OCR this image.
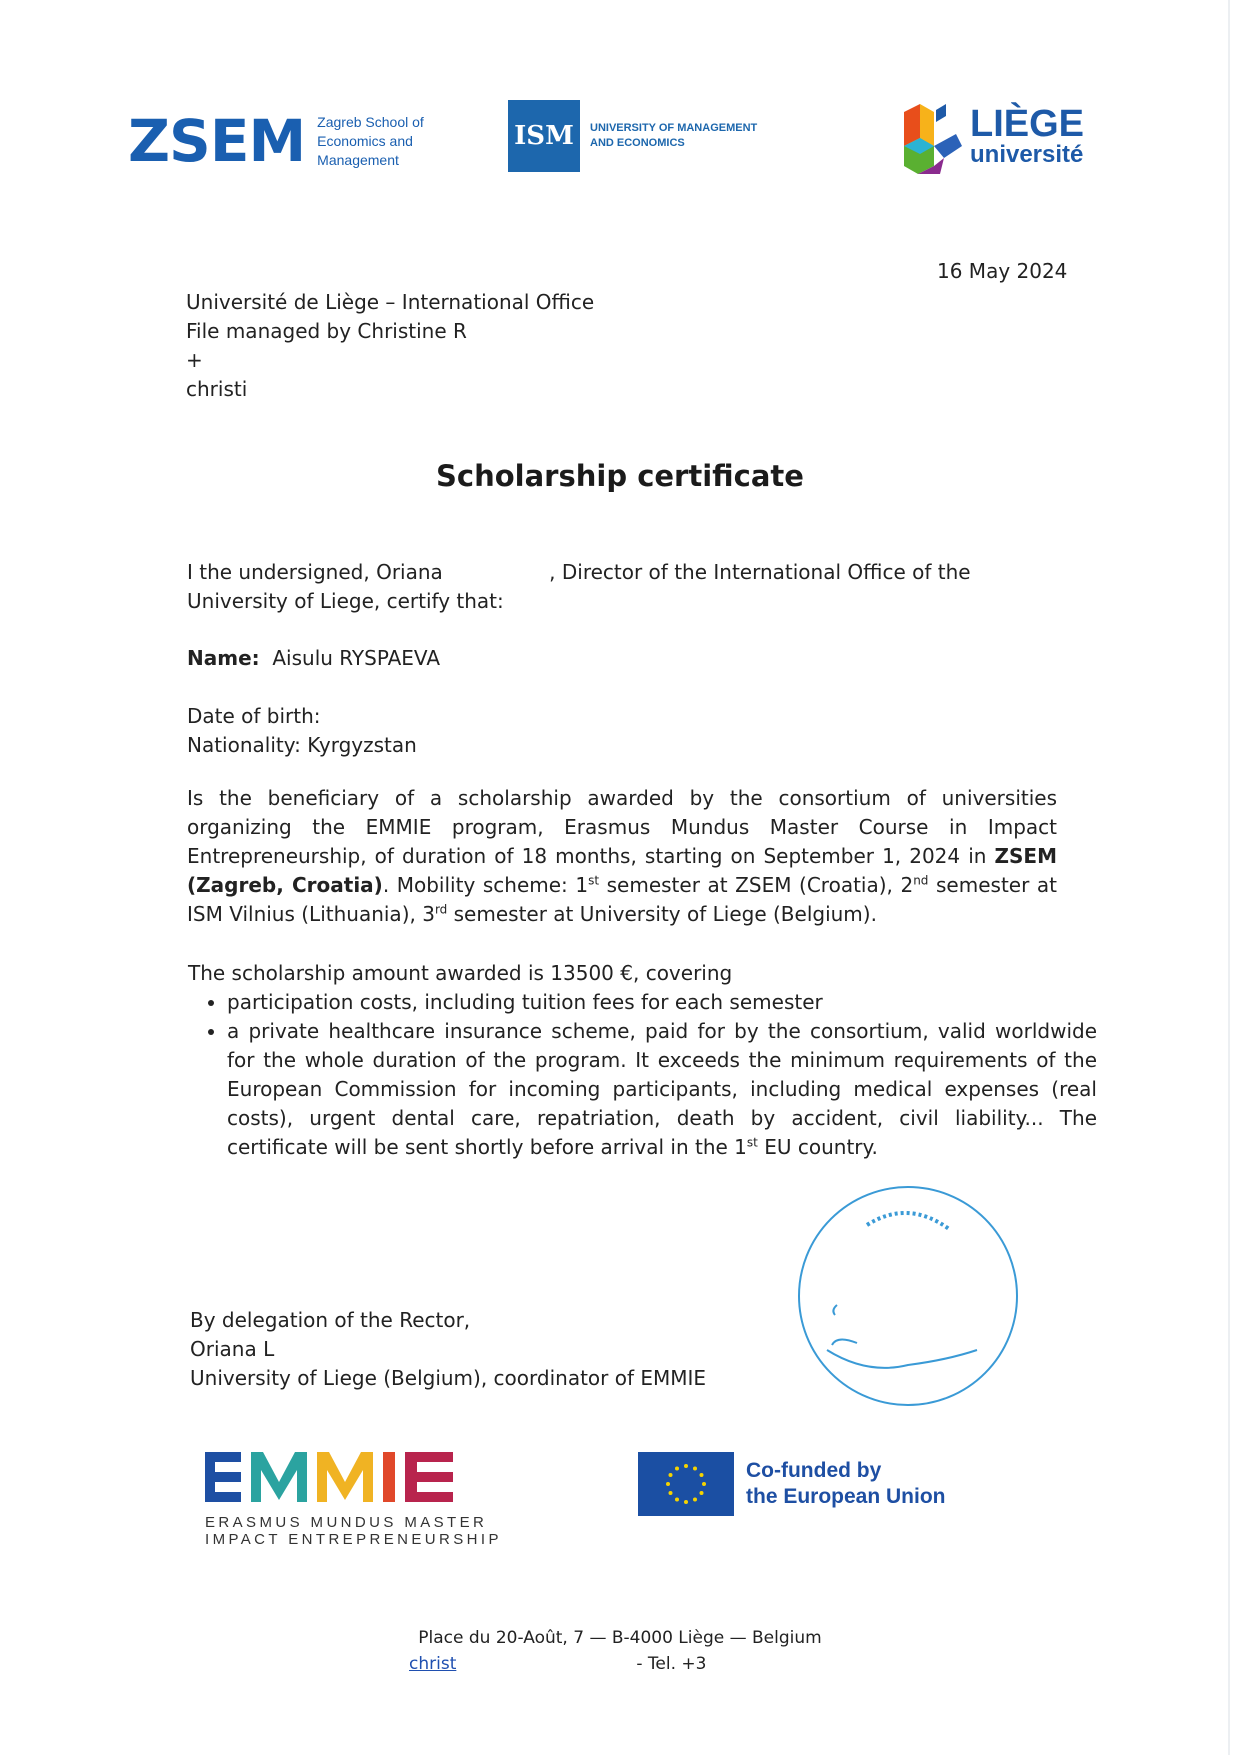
ZSEM Zagreb School of
Economics and
Management
ISM	UNIVERSITY OF MANAGEMENT
AND ECONOMICS	LIÈGE
université
16 May 2024
Université de Liège – International Office
File managed by Christine R
+
christi
Scholarship certificate
I the undersigned, Oriana	, Director of the International Office of the University of Liege, certify that:
Name: Aisulu RYSPAEVA
Date of birth:
Nationality: Kyrgyzstan
Is the beneficiary of a scholarship awarded by the consortium of universities organizing the EMMIE program, Erasmus Mundus Master Course in Impact Entrepreneurship, of duration of 18 months, starting on September 1, 2024 in ZSEM (Zagreb, Croatia). Mobility scheme: 1st semester at ZSEM (Croatia), 2nd semester at ISM Vilnius (Lithuania), 3rd semester at University of Liege (Belgium).
The scholarship amount awarded is 13500 €, covering
• participation costs, including tuition fees for each semester
• a private healthcare insurance scheme, paid for by the consortium, valid worldwide for the whole duration of the program. It exceeds the minimum requirements of the European Commission for incoming participants, including medical expenses (real costs), urgent dental care, repatriation, death by accident, civil liability... The certificate will be sent shortly before arrival in the 1st EU country.
By delegation of the Rector,
Oriana L
University of Liege (Belgium), coordinator of EMMIE
ERASMUS MUNDUS MASTER
IMPACT ENTREPRENEURSHIP
Co-funded by
the European Union
Place du 20-Août, 7 — B-4000 Liège — Belgium
christ	- Tel. +3
